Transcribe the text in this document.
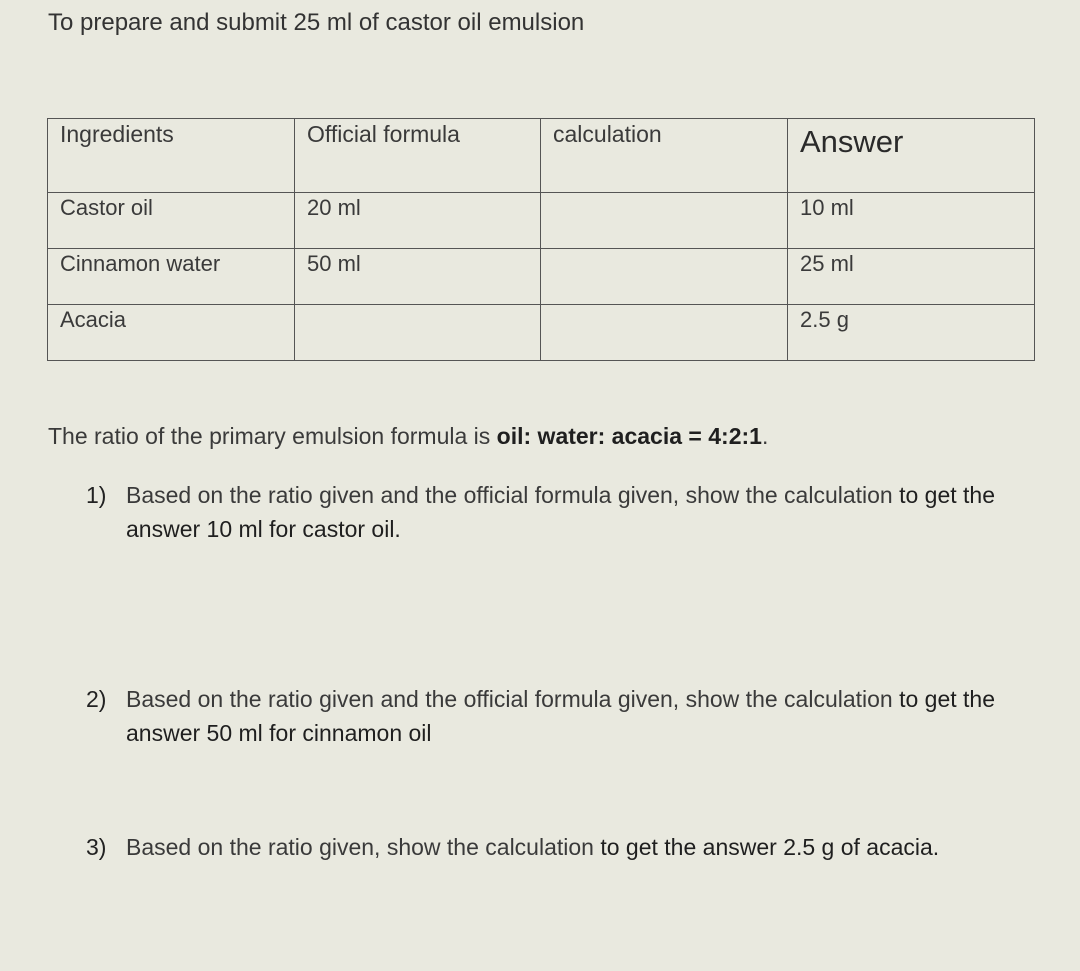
To prepare and submit 25 ml of castor oil emulsion
Ingredients	Official formula	calculation	Answer
Castor oil	20 ml		10 ml
Cinnamon water	50 ml		25 ml
Acacia			2.5 g
The ratio of the primary emulsion formula is oil: water: acacia = 4:2:1.
1) Based on the ratio given and the official formula given, show the calculation to get the answer 10 ml for castor oil.
2) Based on the ratio given and the official formula given, show the calculation to get the answer 50 ml for cinnamon oil
3) Based on the ratio given, show the calculation to get the answer 2.5 g of acacia.
